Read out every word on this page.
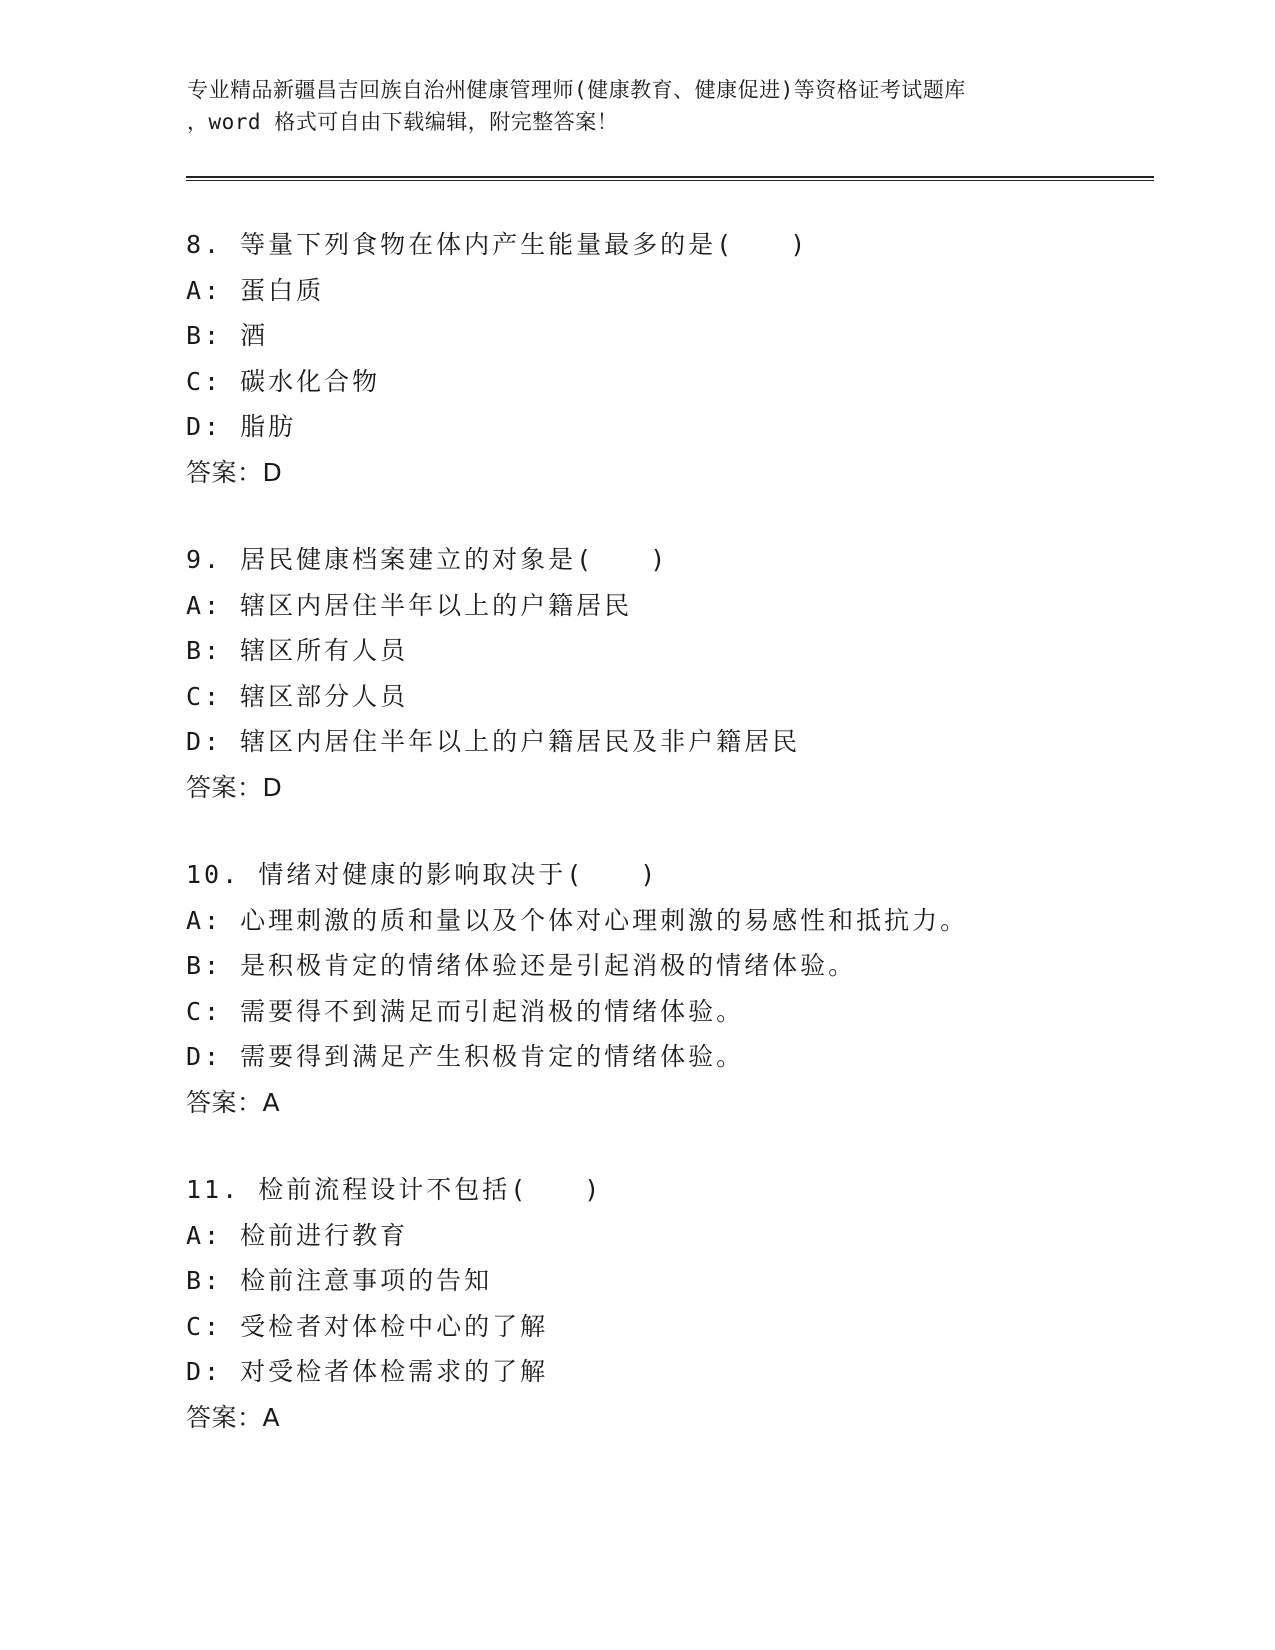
专业精品新疆昌吉回族自治州健康管理师(健康教育、健康促进)等资格证考试题库
，word 格式可自由下载编辑，附完整答案！
8. 等量下列食物在体内产生能量最多的是(　　)
A: 蛋白质
B: 酒
C: 碳水化合物
D: 脂肪
答案：D
9. 居民健康档案建立的对象是(　　)
A: 辖区内居住半年以上的户籍居民
B: 辖区所有人员
C: 辖区部分人员
D: 辖区内居住半年以上的户籍居民及非户籍居民
答案：D
10. 情绪对健康的影响取决于(　　)
A: 心理刺激的质和量以及个体对心理刺激的易感性和抵抗力。
B: 是积极肯定的情绪体验还是引起消极的情绪体验。
C: 需要得不到满足而引起消极的情绪体验。
D: 需要得到满足产生积极肯定的情绪体验。
答案：A
11. 检前流程设计不包括(　　)
A: 检前进行教育
B: 检前注意事项的告知
C: 受检者对体检中心的了解
D: 对受检者体检需求的了解
答案：A
